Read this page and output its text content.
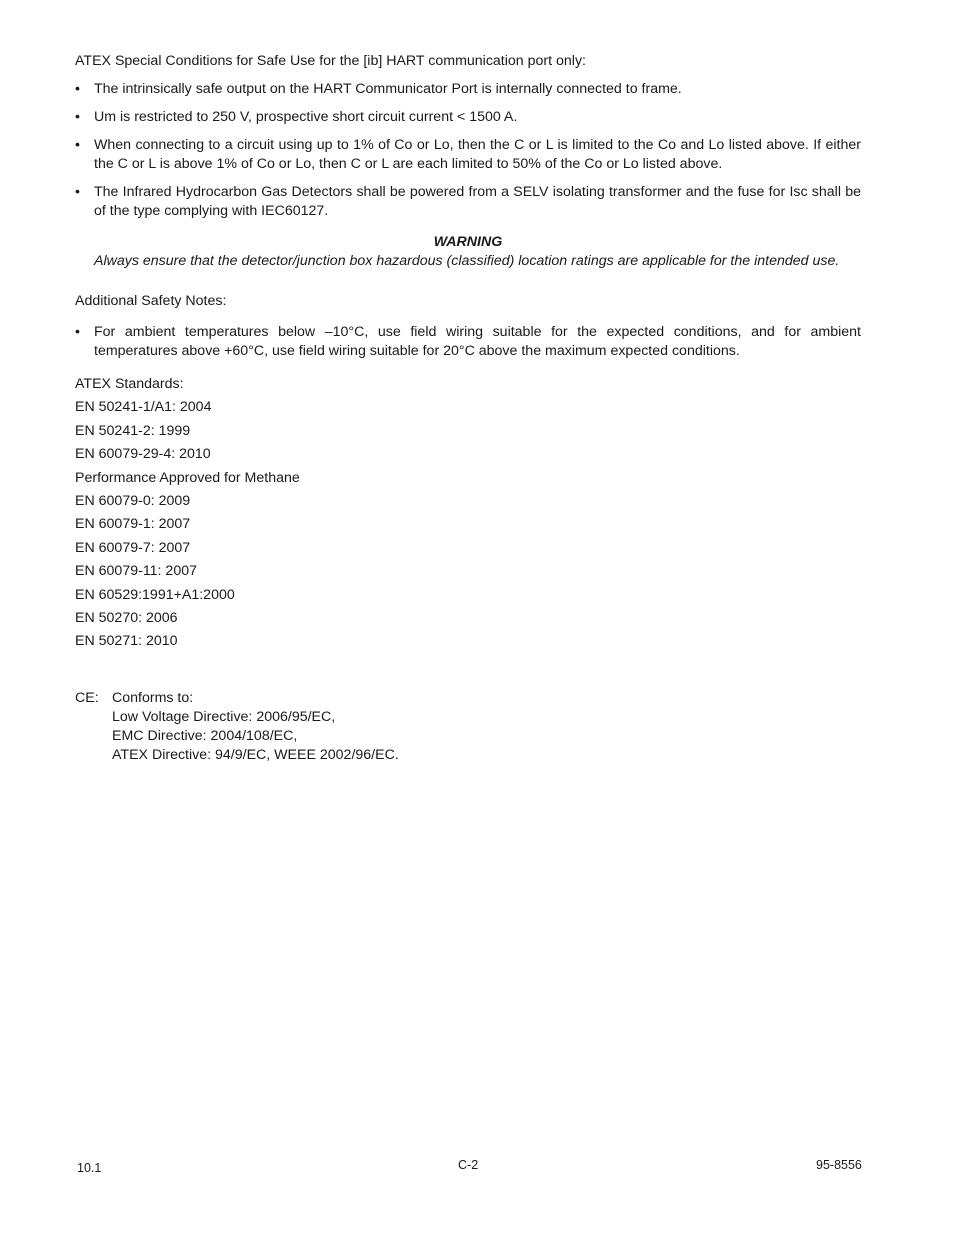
ATEX Special Conditions for Safe Use for the [ib] HART communication port only:

• The intrinsically safe output on the HART Communicator Port is internally connected to frame.
• Um is restricted to 250 V, prospective short circuit current < 1500 A.
• When connecting to a circuit using up to 1% of Co or Lo, then the C or L is limited to the Co and Lo listed above. If either the C or L is above 1% of Co or Lo, then C or L are each limited to 50% of the Co or Lo listed above.
• The Infrared Hydrocarbon Gas Detectors shall be powered from a SELV isolating transformer and the fuse for Isc shall be of the type complying with IEC60127.
WARNING
Always ensure that the detector/junction box hazardous (classified) location ratings are applicable for the intended use.

Additional Safety Notes:

• For ambient temperatures below –10°C, use field wiring suitable for the expected conditions, and for ambient temperatures above +60°C, use field wiring suitable for 20°C above the maximum expected conditions.
ATEX Standards:
EN 50241-1/A1: 2004
EN 50241-2: 1999
EN 60079-29-4: 2010
Performance Approved for Methane
EN 60079-0: 2009
EN 60079-1: 2007
EN 60079-7: 2007
EN 60079-11: 2007
EN 60529:1991+A1:2000
EN 50270: 2006
EN 50271: 2010
CE: Conforms to:
Low Voltage Directive: 2006/95/EC,
EMC Directive: 2004/108/EC,
ATEX Directive: 94/9/EC, WEEE 2002/96/EC.
10.1	C-2	95-8556
